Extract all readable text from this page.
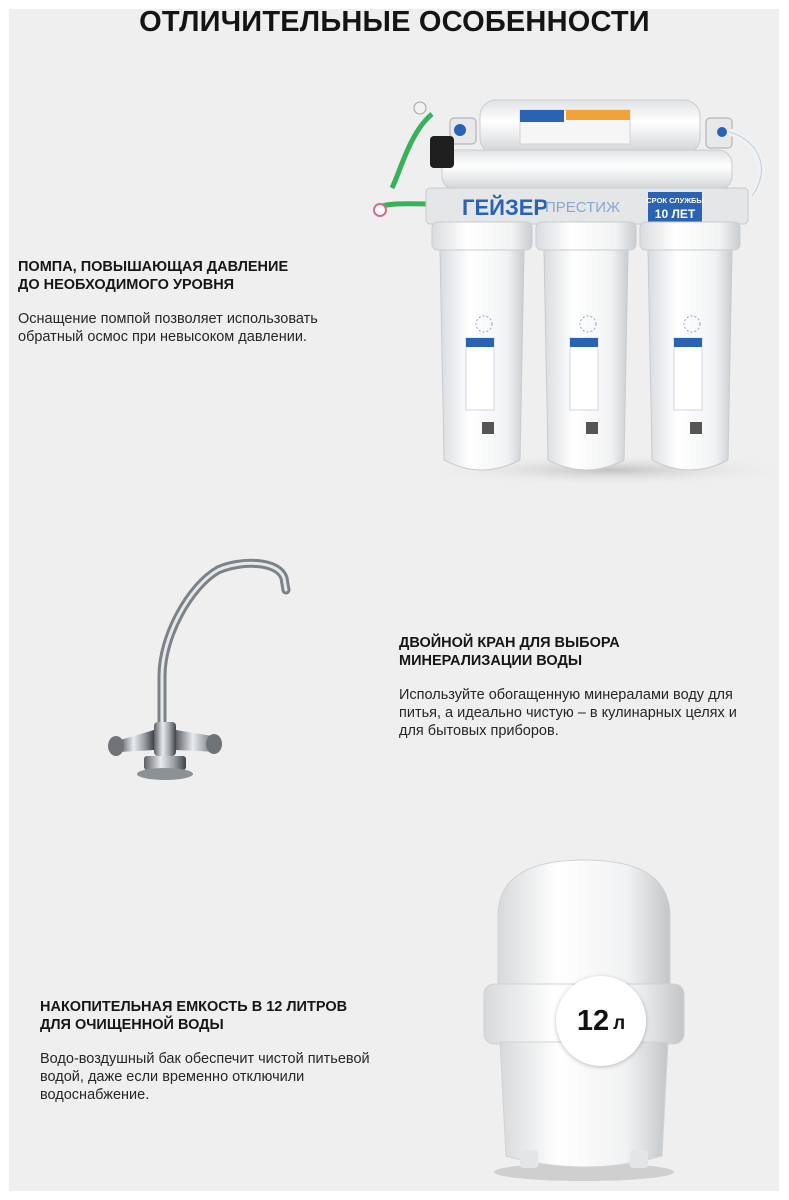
ОТЛИЧИТЕЛЬНЫЕ ОСОБЕННОСТИ
ГЕЙЗЕР
ПРЕСТИЖ	СРОК СЛУЖБЫ
10 ЛЕТ
12 л
ПОМПА, ПОВЫШАЮЩАЯ ДАВЛЕНИЕ
ДО НЕОБХОДИМОГО УРОВНЯ

Оснащение помпой позволяет использовать
обратный осмос при невысоком давлении.

ДВОЙНОЙ КРАН ДЛЯ ВЫБОРА
МИНЕРАЛИЗАЦИИ ВОДЫ

Используйте обогащенную минералами воду для
питья, а идеально чистую – в кулинарных целях и
для бытовых приборов.

НАКОПИТЕЛЬНАЯ ЕМКОСТЬ В 12 ЛИТРОВ
ДЛЯ ОЧИЩЕННОЙ ВОДЫ

Водо-воздушный бак обеспечит чистой питьевой
водой, даже если временно отключили
водоснабжение.
